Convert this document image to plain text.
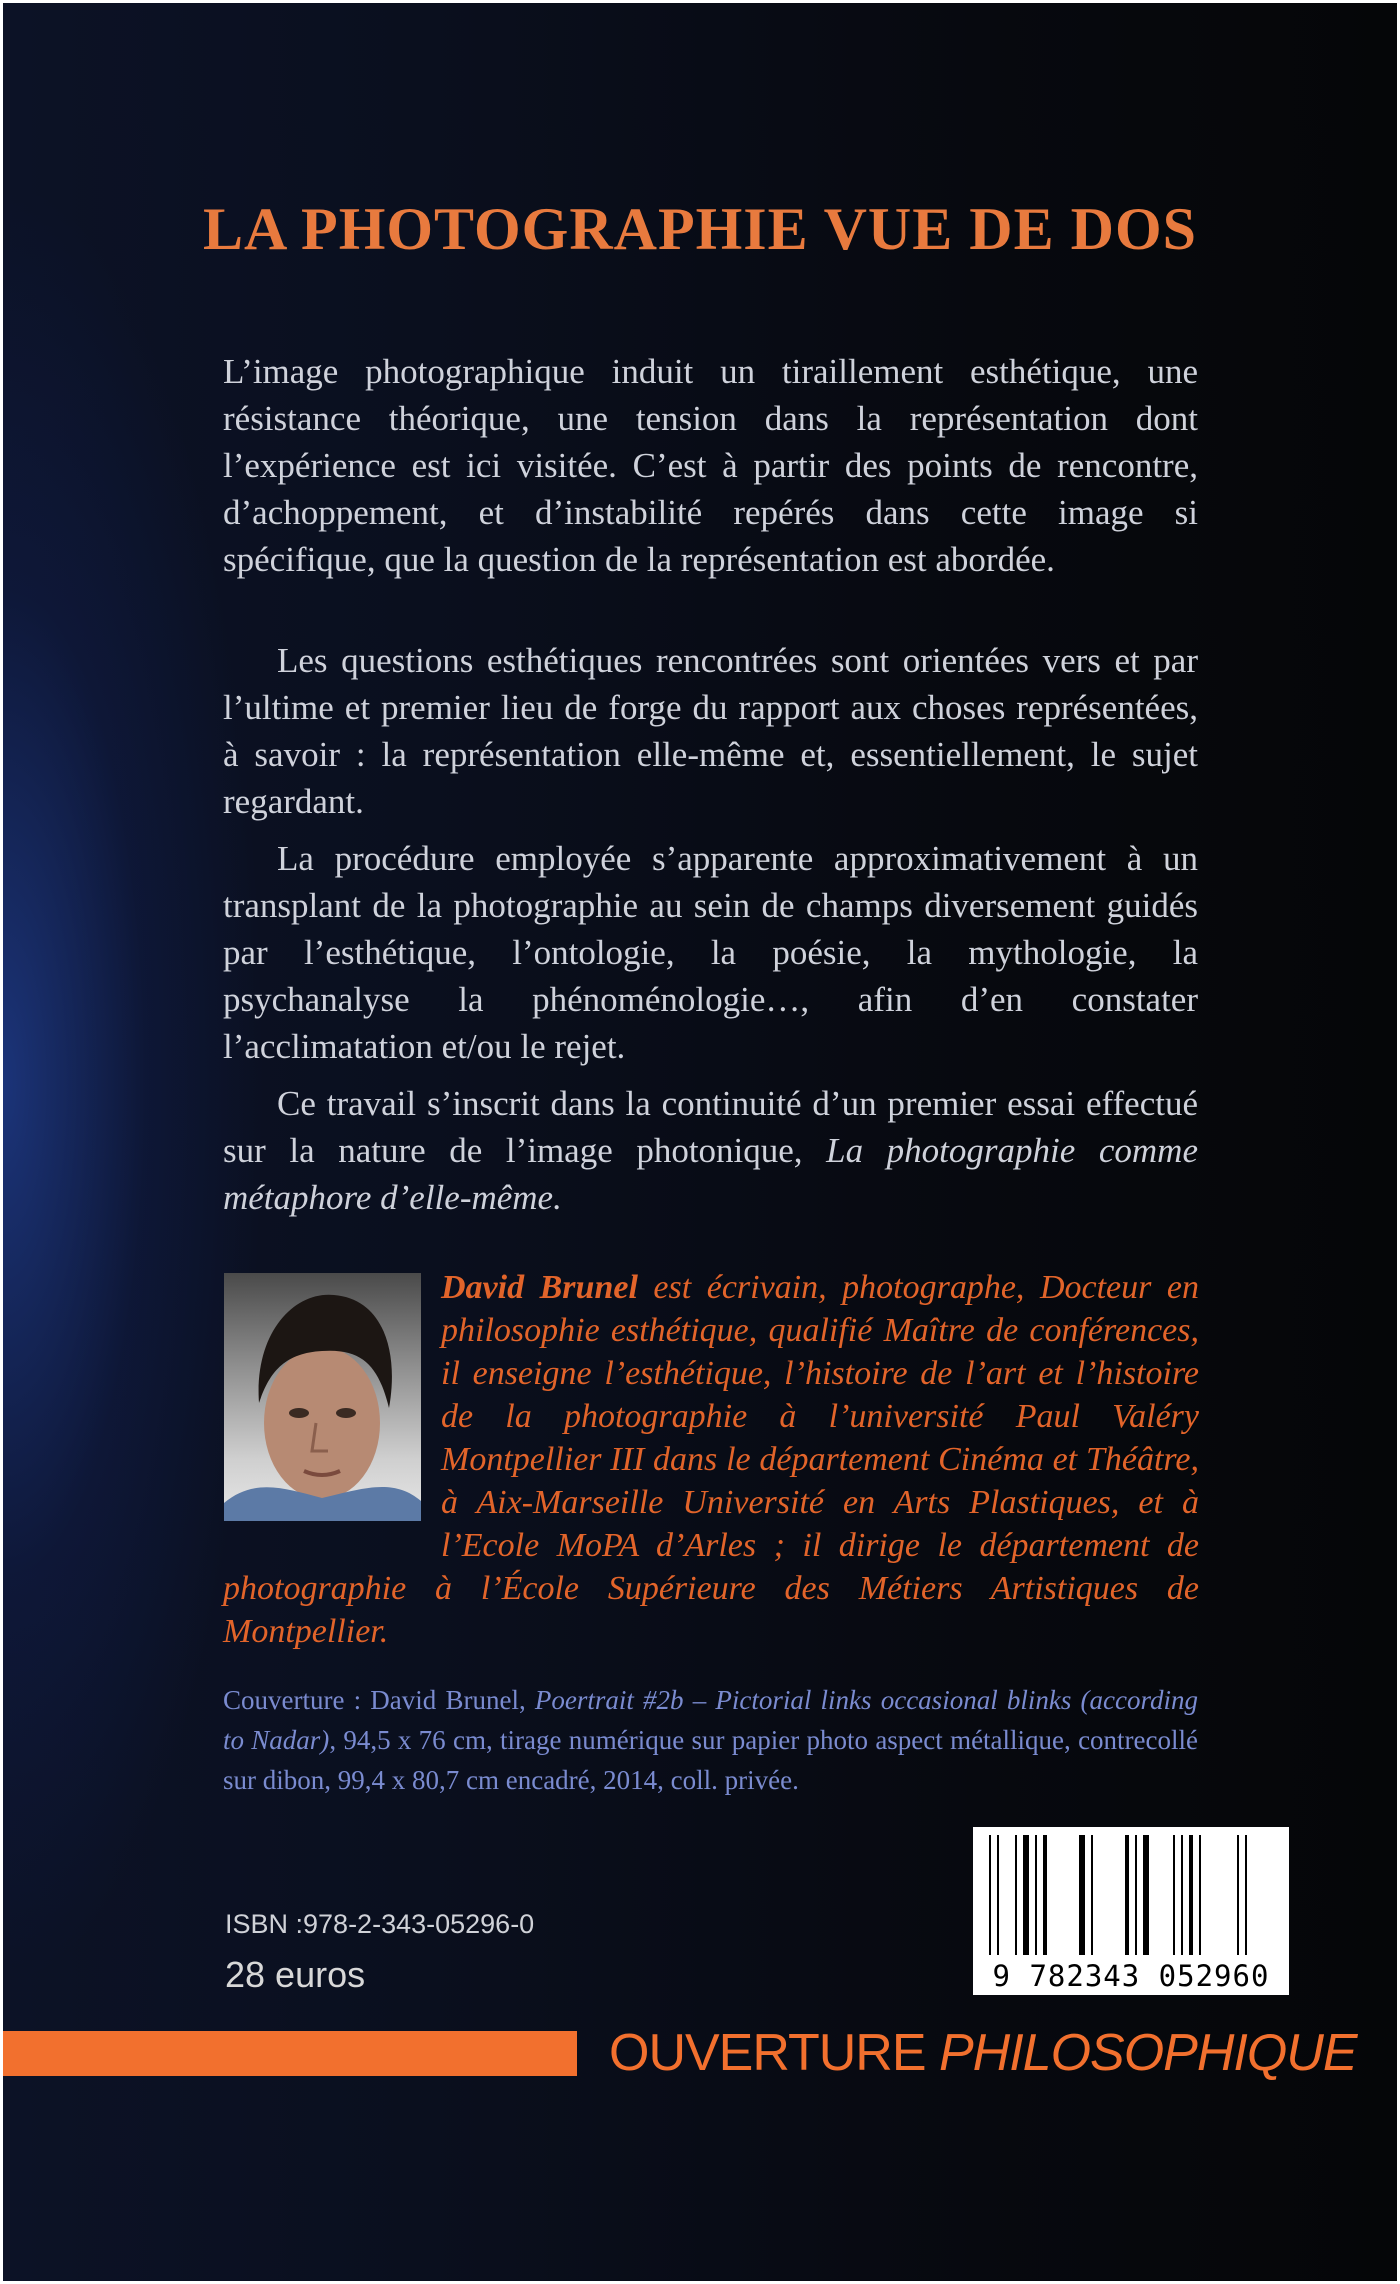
LA PHOTOGRAPHIE VUE DE DOS

L’image photographique induit un tiraillement esthétique, une résistance théorique, une tension dans la représentation dont l’expérience est ici visitée. C’est à partir des points de rencontre, d’achoppement, et d’instabilité repérés dans cette image si spécifique, que la question de la représentation est abordée.

Les questions esthétiques rencontrées sont orientées vers et par l’ultime et premier lieu de forge du rapport aux choses représentées, à savoir : la représentation elle-même et, essentiellement, le sujet regardant.

La procédure employée s’apparente approximativement à un transplant de la photographie au sein de champs diversement guidés par l’esthétique, l’ontologie, la poésie, la mythologie, la psychanalyse la phénoménologie…, afin d’en constater l’acclimatation et/ou le rejet.

Ce travail s’inscrit dans la continuité d’un premier essai effectué sur la nature de l’image photonique, La photographie comme métaphore d’elle-même.

David Brunel est écrivain, photographe, Docteur en philosophie esthétique, qualifié Maître de conférences, il enseigne l’esthétique, l’histoire de l’art et l’histoire de la photographie à l’université Paul Valéry Montpellier III dans le département Cinéma et Théâtre, à Aix-Marseille Université en Arts Plastiques, et à l’Ecole MoPA d’Arles ; il dirige le département de photographie à l’École Supérieure des Métiers Artistiques de Montpellier.

Couverture : David Brunel, Poertrait #2b – Pictorial links occasional blinks (according to Nadar), 94,5 x 76 cm, tirage numérique sur papier photo aspect métallique, contrecollé sur dibon, 99,4 x 80,7 cm encadré, 2014, coll. privée.

9 782343 052960
ISBN :978-2-343-05296-0
28 euros
OUVERTURE PHILOSOPHIQUE
